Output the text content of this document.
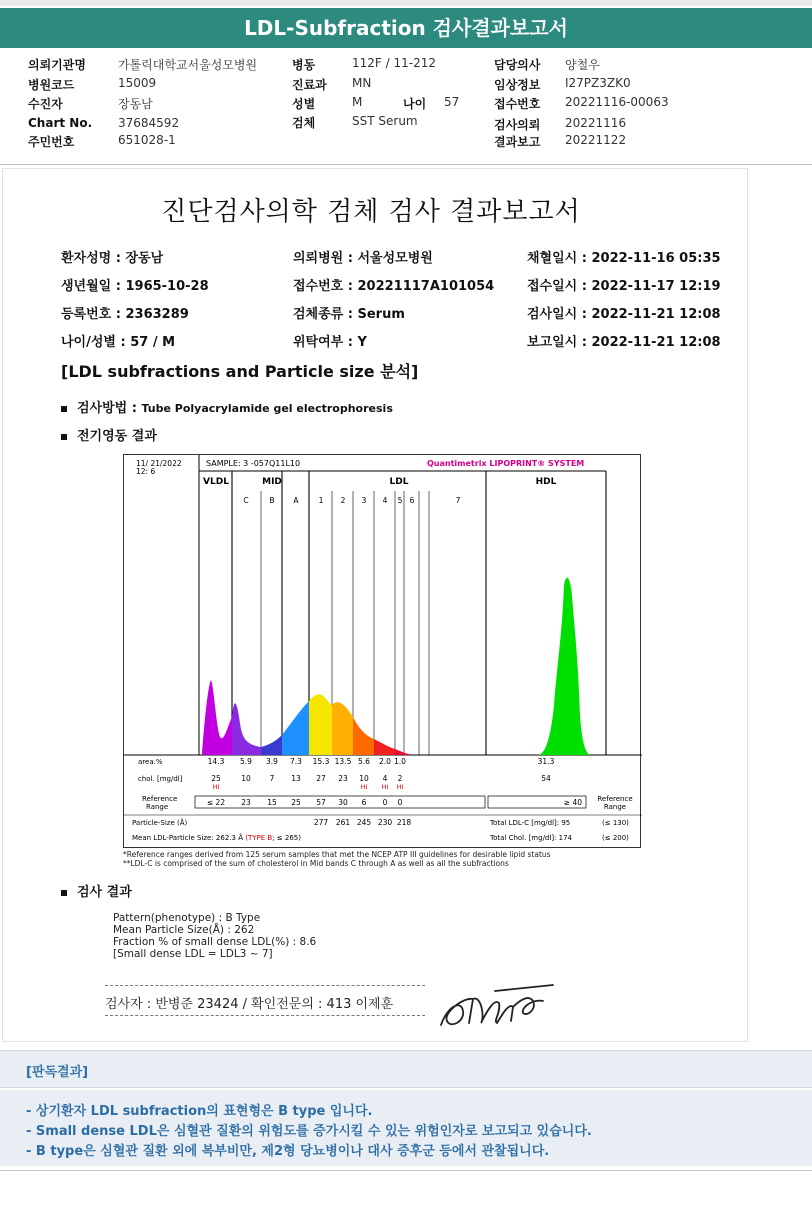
LDL-Subfraction 검사결과보고서
의뢰기관명	가톨릭대학교서울성모병원
병원코드	15009
수진자	장동남
Chart No. 37684592
주민번호	651028-1
병동	112F / 11-212
진료과 MN
성별	M	나이 57
검체	SST Serum
담당의사 양철우
임상정보 I27PZ3ZK0
접수번호 20221116-00063
검사의뢰 20221116
결과보고 20221122
진단검사의학 검체 검사 결과보고서
환자성명 : 장동남	의뢰병원 : 서울성모병원	채혈일시 : 2022-11-16 05:35
생년월일 : 1965-10-28	접수번호 : 20221117A101054	접수일시 : 2022-11-17 12:19
등록번호 : 2363289	검체종류 : Serum	검사일시 : 2022-11-21 12:08
나이/성별 : 57 / M	위탁여부 : Y	보고일시 : 2022-11-21 12:08
[LDL subfractions and Particle size 분석]
검사방법 : Tube Polyacrylamide gel electrophoresis
전기영동 결과
11/ 21/2022
12: 6
SAMPLE: 3 -057Q11L10	Quantimetrix LIPOPRINT® SYSTEM
VLDL	MID	LDL	HDL
C	B	A	1 2 3 4 5 6	7
area.%	14.3 5.9 3.9 7.3 15.3 13.5 5.6 2.0 1.0	31.3
chol. [mg/dl]	25	10	7 13 27 23 10 4 2	54
HI	HI HI HI
Reference
Range	≤ 22 23 15 25 57 30 6 0 0	≥ 40 Reference
Range
Particle-Size (Å)	277 261 245 230 218	Total LDL-C [mg/dl]: 95	(≤ 130)
Mean LDL-Particle Size: 262.3 Å (TYPE B; ≤ 265)	Total Chol. [mg/dl]: 174	(≤ 200)
*Reference ranges derived from 125 serum samples that met the NCEP ATP III guidelines for desirable lipid status
**LDL-C is comprised of the sum of cholesterol in Mid bands C through A as well as all the subfractions
검사 결과
Pattern(phenotype) : B Type
Mean Particle Size(Å) : 262
Fraction % of small dense LDL(%) : 8.6
[Small dense LDL = LDL3 ~ 7]
검사자 : 반병준 23424 / 확인전문의 : 413 이제훈
[판독결과]
- 상기환자 LDL subfraction의 표현형은 B type 입니다.
- Small dense LDL은 심혈관 질환의 위험도를 증가시킬 수 있는 위험인자로 보고되고 있습니다.
- B type은 심혈관 질환 외에 복부비만, 제2형 당뇨병이나 대사 증후군 등에서 관찰됩니다.
